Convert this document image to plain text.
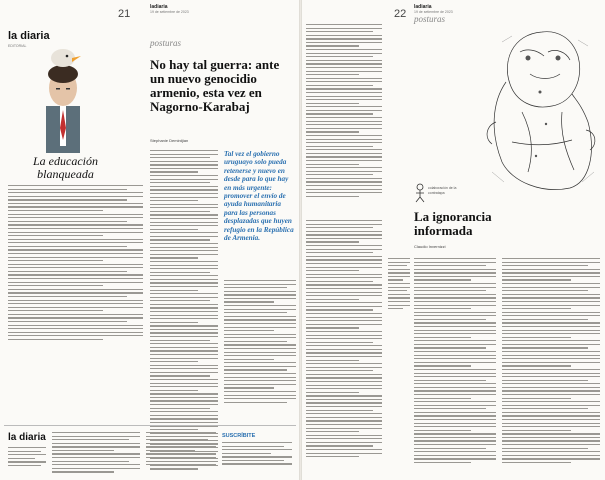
21
ladiaria
19 de setiembre de 2023
posturas
la diaria
EDITORIAL
La educación blanqueada
No hay tal guerra: ante un nuevo genocidio armenio, esta vez en Nagorno-Karabaj
Stephanie Demirdjian
Tal vez el gobierno uruguayo solo pueda retenerse y nuevo en desde para lo que hay en más urgente: promover el envío de ayuda humanitaria para las personas desplazadas que huyen refugio en la República de Armenia.
la diaria	SUSCRÍBITE
22
ladiaria
19 de setiembre de 2023
posturas
colaboración de la contratapa
La ignorancia informada
Claudio Invernizzi
